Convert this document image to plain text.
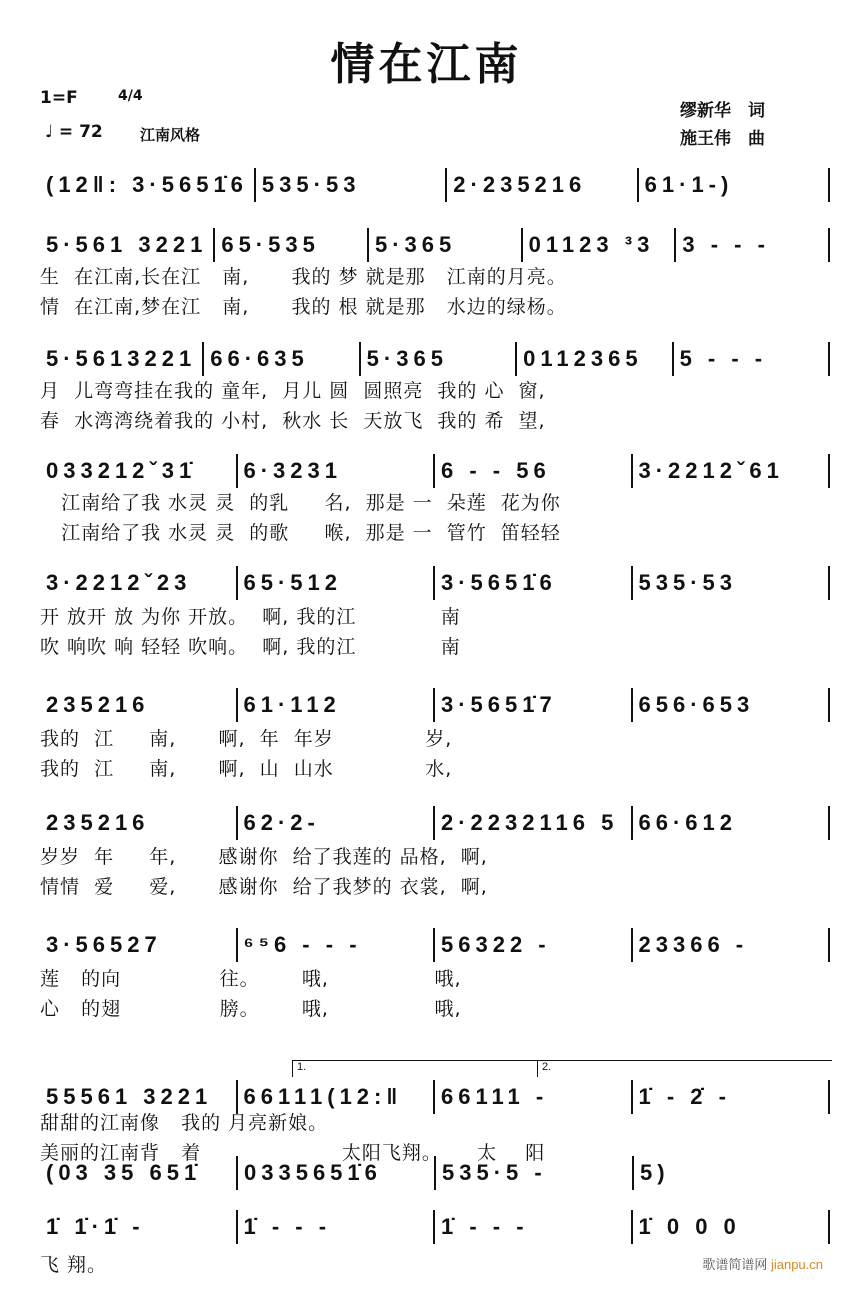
情在江南
1=F	4/4
♩ = 72 江南风格
缪新华　词
施王伟　曲
(12‖: 3·5651̇6 535·53	2·235216	61·1-)
5·561 3221 65·535	5·365	01123 ³3	3 - - -
生  在江南,长在江   南,      我的 梦 就是那   江南的月亮。
情  在江南,梦在江   南,      我的 根 就是那   水边的绿杨。
5·5613221 66·635	5·365	0112365	5 - - -
月  儿弯弯挂在我的 童年,  月儿 圆  圆照亮  我的 心  窗,
春  水湾湾绕着我的 小村,  秋水 长  天放飞  我的 希  望,
033212ˇ31̇	6·3231	6 - - 56	3·2212ˇ61
江南给了我 水灵 灵  的乳     名,  那是 一  朵莲  花为你
江南给了我 水灵 灵  的歌     喉,  那是 一  管竹  笛轻轻
3·2212ˇ23	65·512	3·5651̇6	535·53
开 放开 放 为你 开放。  啊, 我的江            南
吹 响吹 响 轻轻 吹响。  啊, 我的江            南
235216	61·112	3·5651̇7	656·653
我的  江     南,      啊,  年  年岁             岁,
我的  江     南,      啊,  山  山水             水,
235216	62·2-	2·2232116 5 66·612
岁岁  年     年,      感谢你  给了我莲的 品格,  啊,
情情  爱     爱,      感谢你  给了我梦的 衣裳,  啊,
3·56527	⁶⁵6 - - -	56322 -	23366 -
莲   的向              往。      哦,               哦,
心   的翅              膀。      哦,               哦,
55561 3221	66111(12:‖	66111 -	1̇ - 2̇ -
甜甜的江南像   我的 月亮新娘。
美丽的江南背   着                    太阳飞翔。     太    阳
(03 35 651̇	0335651̇6	535·5 -	5)
1̇ 1̇·1̇ -	1̇ - - -	1̇ - - -	1̇ 0 0 0
飞 翔。
1.	2.
歌谱简谱网 jianpu.cn
